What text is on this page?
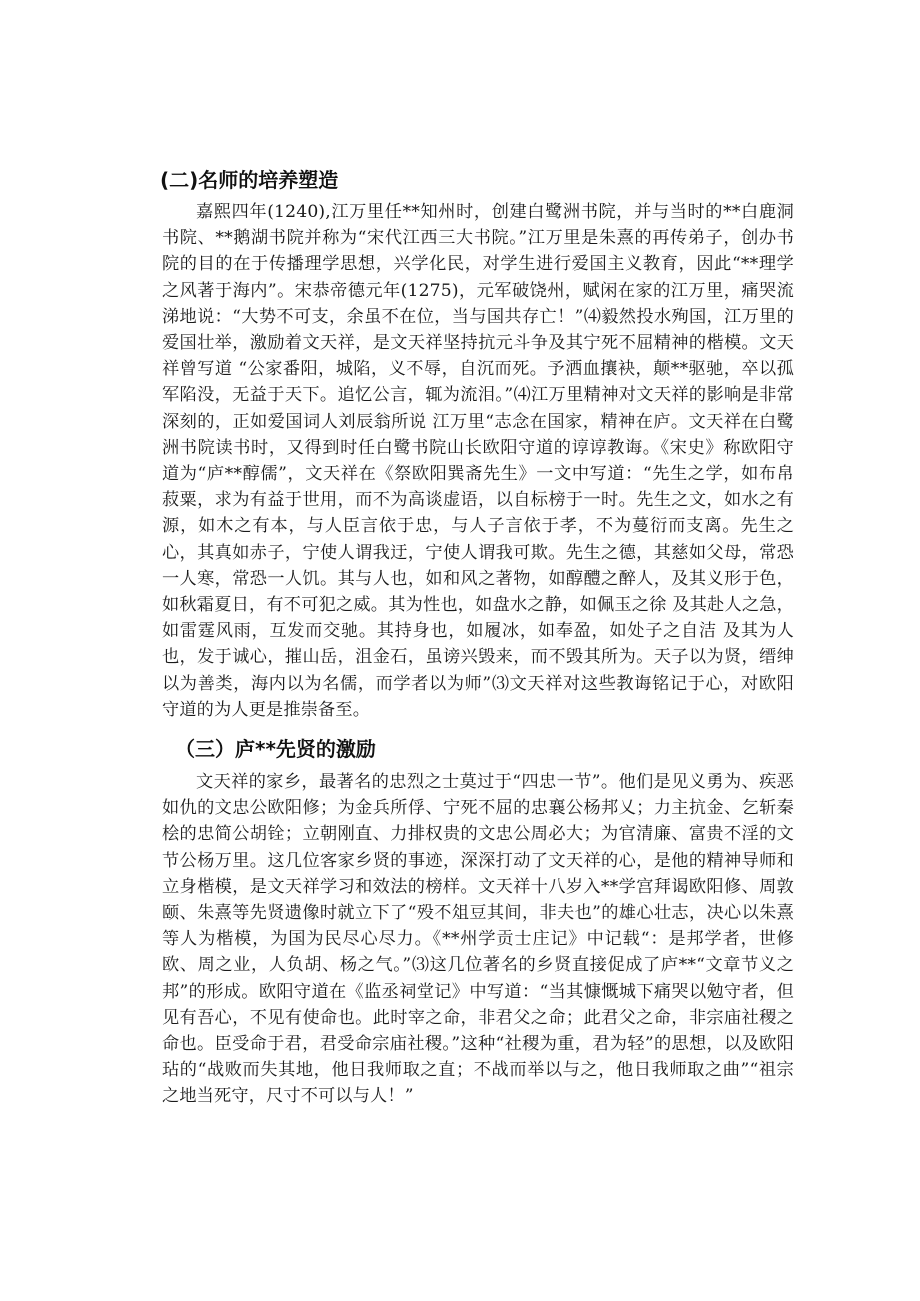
(二)名师的培养塑造
嘉熙四年(1240),江万里任**知州时，创建白鹭洲书院，并与当时的**白鹿洞书院、**鹅湖书院并称为“宋代江西三大书院。”江万里是朱熹的再传弟子，创办书院的目的在于传播理学思想，兴学化民，对学生进行爱国主义教育，因此“**理学之风著于海内”。宋恭帝德元年(1275)，元军破饶州，赋闲在家的江万里，痛哭流涕地说：“大势不可支，余虽不在位，当与国共存亡！”⑷毅然投水殉国，江万里的爱国壮举，激励着文天祥，是文天祥坚持抗元斗争及其宁死不屈精神的楷模。文天祥曾写道 “公家番阳，城陷，义不辱，自沉而死。予洒血攘袂，颠**驱驰，卒以孤军陷没，无益于天下。追忆公言，辄为流泪。”⑷江万里精神对文天祥的影响是非常深刻的，正如爱国词人刘辰翁所说 江万里“志念在国家，精神在庐。文天祥在白鹭洲书院读书时，又得到时任白鹭书院山长欧阳守道的谆谆教诲。《宋史》称欧阳守道为“庐**醇儒”，文天祥在《祭欧阳巽斋先生》一文中写道：“先生之学，如布帛菽粟，求为有益于世用，而不为高谈虚语，以自标榜于一时。先生之文，如水之有源，如木之有本，与人臣言依于忠，与人子言依于孝，不为蔓衍而支离。先生之心，其真如赤子，宁使人谓我迂，宁使人谓我可欺。先生之德，其慈如父母，常恐一人寒，常恐一人饥。其与人也，如和风之著物，如醇醴之醉人，及其义形于色，如秋霜夏日，有不可犯之威。其为性也，如盘水之静，如佩玉之徐 及其赴人之急，如雷霆风雨，互发而交驰。其持身也，如履冰，如奉盈，如处子之自洁 及其为人也，发于诚心，摧山岳，沮金石，虽谤兴毁来，而不毁其所为。天子以为贤，缙绅以为善类，海内以为名儒，而学者以为师”⑶文天祥对这些教诲铭记于心，对欧阳守道的为人更是推崇备至。
（三）庐**先贤的激励
文天祥的家乡，最著名的忠烈之士莫过于“四忠一节”。他们是见义勇为、疾恶如仇的文忠公欧阳修；为金兵所俘、宁死不屈的忠襄公杨邦乂；力主抗金、乞斩秦桧的忠简公胡铨；立朝刚直、力排权贵的文忠公周必大；为官清廉、富贵不淫的文节公杨万里。这几位客家乡贤的事迹，深深打动了文天祥的心，是他的精神导师和立身楷模，是文天祥学习和效法的榜样。文天祥十八岁入**学宫拜谒欧阳修、周敦颐、朱熹等先贤遗像时就立下了“殁不俎豆其间，非夫也”的雄心壮志，决心以朱熹等人为楷模，为国为民尽心尽力。《**州学贡士庄记》中记载“：是邦学者，世修欧、周之业，人负胡、杨之气。”⑶这几位著名的乡贤直接促成了庐**“文章节义之邦”的形成。欧阳守道在《监丞祠堂记》中写道：“当其慷慨城下痛哭以勉守者，但见有吾心，不见有使命也。此时宰之命，非君父之命；此君父之命，非宗庙社稷之命也。臣受命于君，君受命宗庙社稷。”这种“社稷为重，君为轻”的思想，以及欧阳玷的“战败而失其地，他日我师取之直；不战而举以与之，他日我师取之曲”“祖宗之地当死守，尺寸不可以与人！”
